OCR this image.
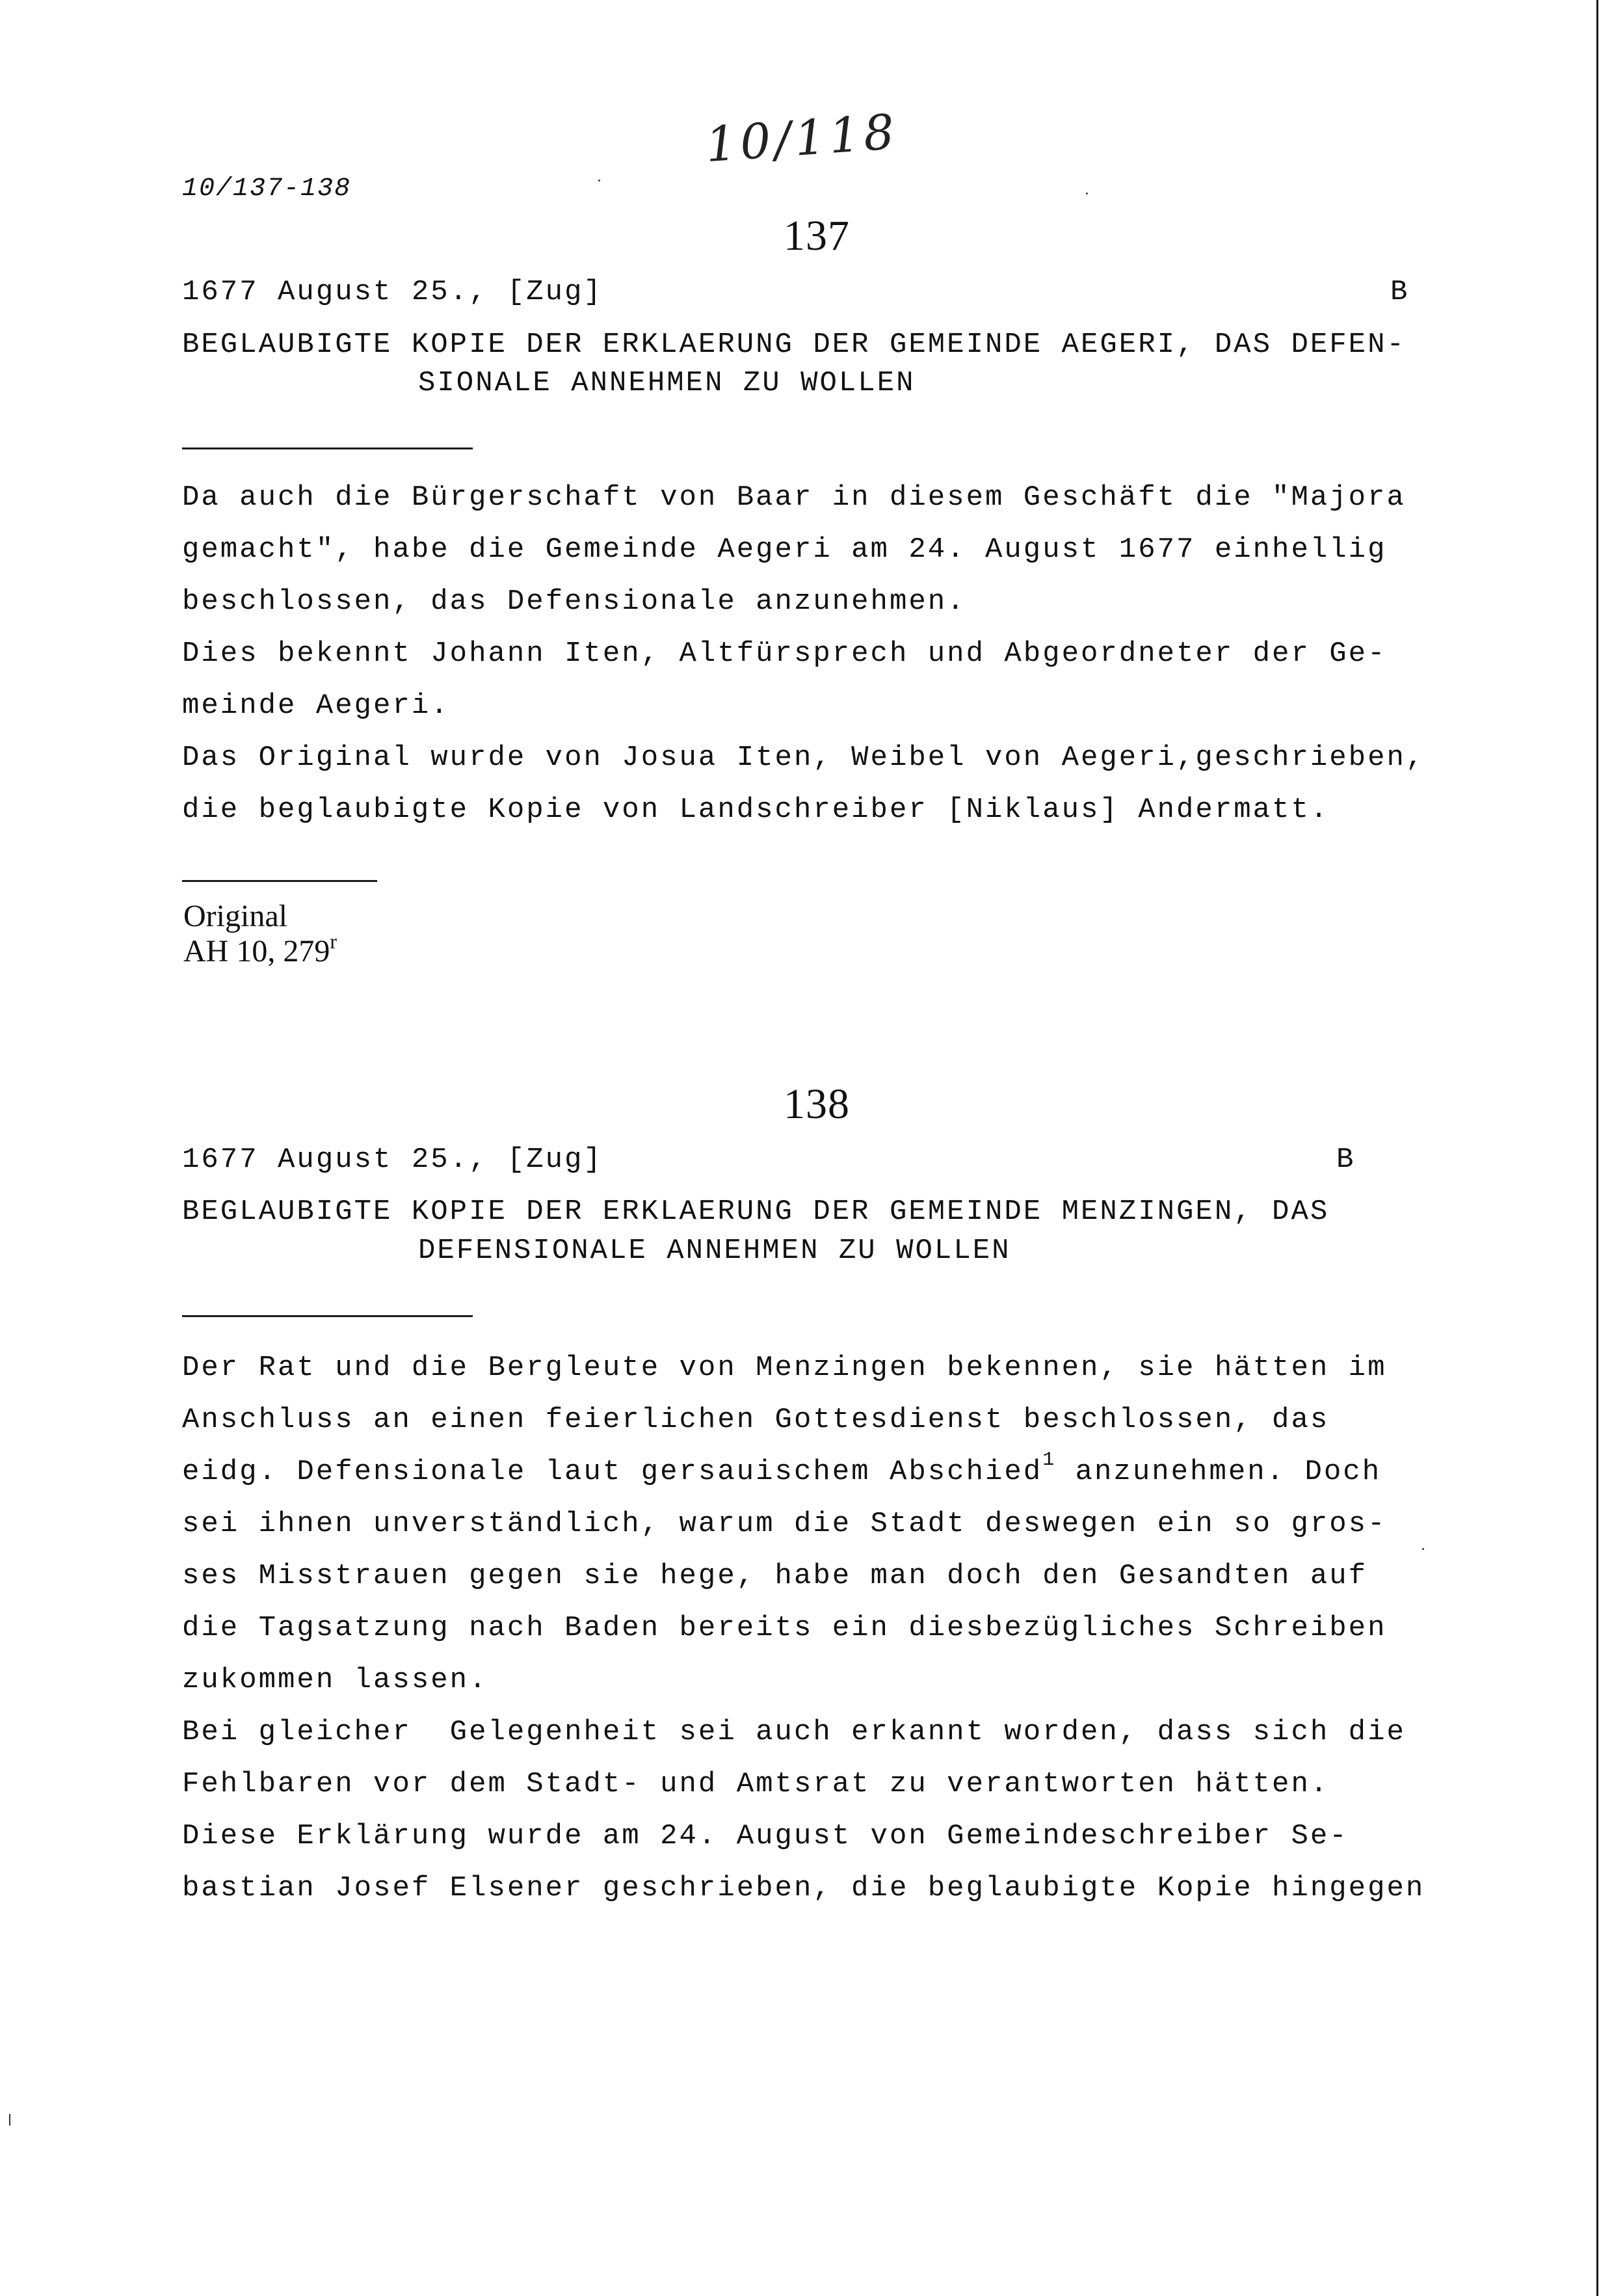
10/137-138
10/118
137
1677 August 25., [Zug]	B
BEGLAUBIGTE KOPIE DER ERKLAERUNG DER GEMEINDE AEGERI, DAS DEFEN-
SIONALE ANNEHMEN ZU WOLLEN
Da auch die Bürgerschaft von Baar in diesem Geschäft die "Majora
gemacht", habe die Gemeinde Aegeri am 24. August 1677 einhellig
beschlossen, das Defensionale anzunehmen.
Dies bekennt Johann Iten, Altfürsprech und Abgeordneter der Ge-
meinde Aegeri.
Das Original wurde von Josua Iten, Weibel von Aegeri,geschrieben,
die beglaubigte Kopie von Landschreiber [Niklaus] Andermatt.
Original
AH 10, 279$^r$
138
1677 August 25., [Zug]	B
BEGLAUBIGTE KOPIE DER ERKLAERUNG DER GEMEINDE MENZINGEN, DAS
DEFENSIONALE ANNEHMEN ZU WOLLEN
Der Rat und die Bergleute von Menzingen bekennen, sie hätten im
Anschluss an einen feierlichen Gottesdienst beschlossen, das
eidg. Defensionale laut gersauischem Abschied$^1$ anzunehmen. Doch
sei ihnen unverständlich, warum die Stadt deswegen ein so gros-
ses Misstrauen gegen sie hege, habe man doch den Gesandten auf
die Tagsatzung nach Baden bereits ein diesbezügliches Schreiben
zukommen lassen.
Bei gleicher  Gelegenheit sei auch erkannt worden, dass sich die
Fehlbaren vor dem Stadt- und Amtsrat zu verantworten hätten.
Diese Erklärung wurde am 24. August von Gemeindeschreiber Se-
bastian Josef Elsener geschrieben, die beglaubigte Kopie hingegen
